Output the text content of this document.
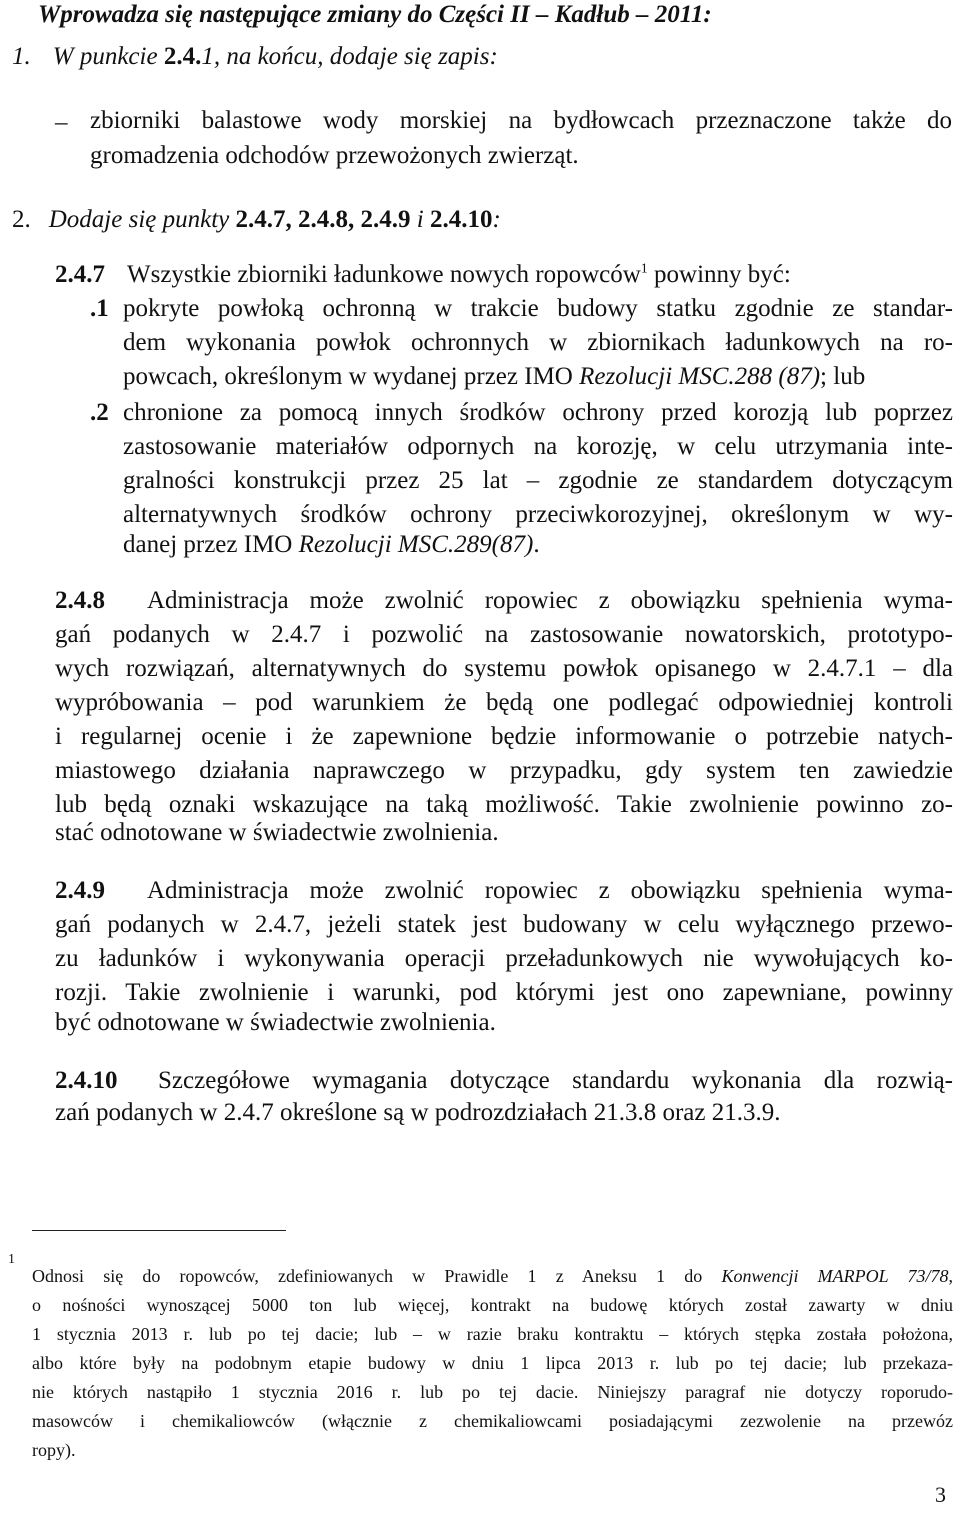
Wprowadza się następujące zmiany do Części II – Kadłub – 2011:
1. W punkcie 2.4.1, na końcu, dodaje się zapis:
– zbiorniki balastowe wody morskiej na bydłowcach przeznaczone także do
gromadzenia odchodów przewożonych zwierząt.
2. Dodaje się punkty 2.4.7, 2.4.8, 2.4.9 i 2.4.10:
2.4.7 Wszystkie zbiorniki ładunkowe nowych ropowców$^1$ powinny być:
.1 pokryte powłoką ochronną w trakcie budowy statku zgodnie ze standar-
dem wykonania powłok ochronnych w zbiornikach ładunkowych na ro-
powcach, określonym w wydanej przez IMO Rezolucji MSC.288 (87); lub
.2 chronione za pomocą innych środków ochrony przed korozją lub poprzez
zastosowanie materiałów odpornych na korozję, w celu utrzymania inte-
gralności konstrukcji przez 25 lat – zgodnie ze standardem dotyczącym
alternatywnych środków ochrony przeciwkorozyjnej, określonym w wy-
danej przez IMO Rezolucji MSC.289(87).
2.4.8 Administracja może zwolnić ropowiec z obowiązku spełnienia wyma-
gań podanych w 2.4.7 i pozwolić na zastosowanie nowatorskich, prototypo-
wych rozwiązań, alternatywnych do systemu powłok opisanego w 2.4.7.1 – dla
wypróbowania – pod warunkiem że będą one podlegać odpowiedniej kontroli
i regularnej ocenie i że zapewnione będzie informowanie o potrzebie natych-
miastowego działania naprawczego w przypadku, gdy system ten zawiedzie
lub będą oznaki wskazujące na taką możliwość. Takie zwolnienie powinno zo-
stać odnotowane w świadectwie zwolnienia.
2.4.9 Administracja może zwolnić ropowiec z obowiązku spełnienia wyma-
gań podanych w 2.4.7, jeżeli statek jest budowany w celu wyłącznego przewo-
zu ładunków i wykonywania operacji przeładunkowych nie wywołujących ko-
rozji. Takie zwolnienie i warunki, pod którymi jest ono zapewniane, powinny
być odnotowane w świadectwie zwolnienia.
2.4.10 Szczegółowe wymagania dotyczące standardu wykonania dla rozwią-
zań podanych w 2.4.7 określone są w podrozdziałach 21.3.8 oraz 21.3.9.
1
Odnosi się do ropowców, zdefiniowanych w Prawidle 1 z Aneksu 1 do Konwencji MARPOL 73/78,
o nośności wynoszącej 5000 ton lub więcej, kontrakt na budowę których został zawarty w dniu
1 stycznia 2013 r. lub po tej dacie; lub – w razie braku kontraktu – których stępka została położona,
albo które były na podobnym etapie budowy w dniu 1 lipca 2013 r. lub po tej dacie; lub przekaza-
nie których nastąpiło 1 stycznia 2016 r. lub po tej dacie. Niniejszy paragraf nie dotyczy roporudo-
masowców i chemikaliowców (włącznie z chemikaliowcami posiadającymi zezwolenie na przewóz
ropy).
3
